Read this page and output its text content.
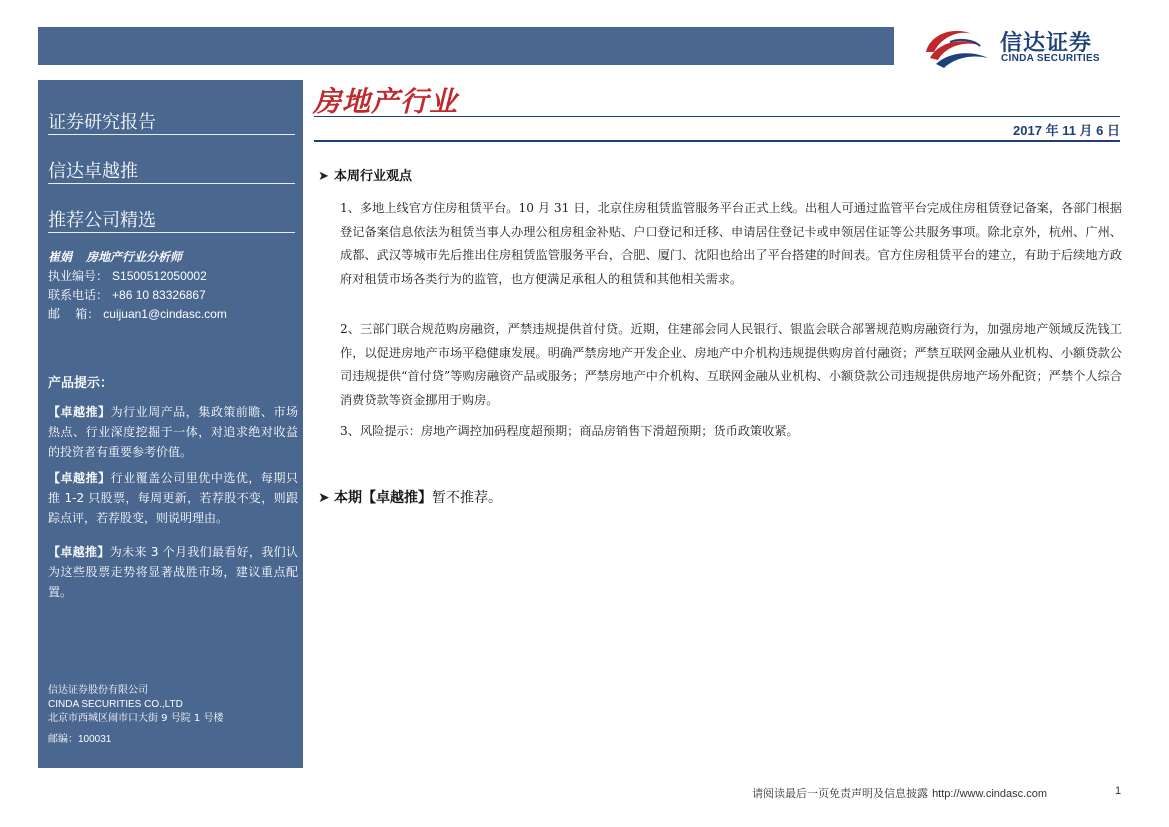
信达证券
CINDA SECURITIES
证券研究报告
信达卓越推
推荐公司精选
崔娟 房地产行业分析师
执业编号： S1500512050002
联系电话： +86 10 83326867
邮    箱： cuijuan1@cindasc.com
产品提示：
【卓越推】为行业周产品，集政策前瞻、市场热点、行业深度挖掘于一体，对追求绝对收益的投资者有重要参考价值。
【卓越推】行业覆盖公司里优中选优，每期只推 1-2 只股票，每周更新，若荐股不变，则跟踪点评，若荐股变，则说明理由。
【卓越推】为未来 3 个月我们最看好，我们认为这些股票走势将显著战胜市场，建议重点配置。
信达证券股份有限公司
CINDA SECURITIES CO.,LTD
北京市西城区闹市口大街 9 号院 1 号楼
邮编：100031
房地产行业
2017 年 11 月 6 日
➤ 本周行业观点
1、多地上线官方住房租赁平台。10 月 31 日，北京住房租赁监管服务平台正式上线。出租人可通过监管平台完成住房租赁登记备案，各部门根据登记备案信息依法为租赁当事人办理公租房租金补贴、户口登记和迁移、申请居住登记卡或申领居住证等公共服务事项。除北京外，杭州、广州、成都、武汉等城市先后推出住房租赁监管服务平台，合肥、厦门、沈阳也给出了平台搭建的时间表。官方住房租赁平台的建立，有助于后续地方政府对租赁市场各类行为的监管，也方便满足承租人的租赁和其他相关需求。
2、三部门联合规范购房融资，严禁违规提供首付贷。近期，住建部会同人民银行、银监会联合部署规范购房融资行为，加强房地产领域反洗钱工作，以促进房地产市场平稳健康发展。明确严禁房地产开发企业、房地产中介机构违规提供购房首付融资；严禁互联网金融从业机构、小额贷款公司违规提供“首付贷”等购房融资产品或服务；严禁房地产中介机构、互联网金融从业机构、小额贷款公司违规提供房地产场外配资；严禁个人综合消费贷款等资金挪用于购房。
3、风险提示：房地产调控加码程度超预期；商品房销售下滑超预期；货币政策收紧。
➤ 本期【卓越推】暂不推荐。
请阅读最后一页免责声明及信息披露 http://www.cindasc.com	1
